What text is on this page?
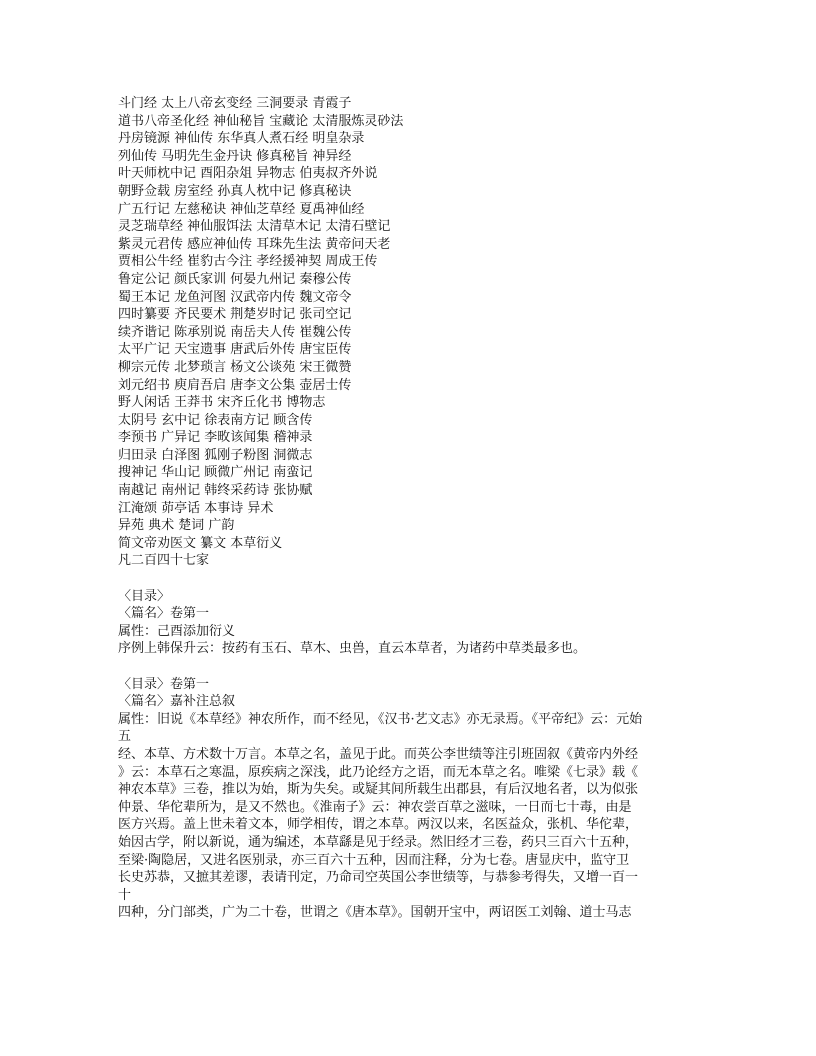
斗门经 太上八帝玄变经 三洞要录 青霞子
道书八帝圣化经 神仙秘旨 宝藏论 太清服炼灵砂法
丹房镜源 神仙传 东华真人煮石经 明皇杂录
列仙传 马明先生金丹诀 修真秘旨 神异经
叶天师枕中记 酉阳杂俎 异物志 伯夷叔齐外说
朝野佥载 房室经 孙真人枕中记 修真秘诀
广五行记 左慈秘诀 神仙芝草经 夏禹神仙经
灵芝瑞草经 神仙服饵法 太清草木记 太清石壁记
紫灵元君传 感应神仙传 耳珠先生法 黄帝问天老
贾相公牛经 崔豹古今注 孝经援神契 周成王传
鲁定公记 颜氏家训 何晏九州记 秦穆公传
蜀王本记 龙鱼河图 汉武帝内传 魏文帝令
四时纂要 齐民要术 荆楚岁时记 张司空记
续齐谐记 陈承别说 南岳夫人传 崔魏公传
太平广记 天宝遗事 唐武后外传 唐宝臣传
柳宗元传 北梦琐言 杨文公谈苑 宋王微赞
刘元绍书 庾肩吾启 唐李文公集 壶居士传
野人闲话 王莽书 宋齐丘化书 博物志
太阴号 玄中记 徐表南方记 顾含传
李预书 广异记 李畋该闻集 稽神录
归田录 白泽图 狐刚子粉图 洞微志
搜神记 华山记 顾微广州记 南蛮记
南越记 南州记 韩终采药诗 张协赋
江淹颂 茆亭话 本事诗 异术
异苑 典术 楚词 广韵
简文帝劝医文 纂文 本草衍义
凡二百四十七家
〈目录〉
〈篇名〉卷第一
属性：己酉添加衍义
序例上韩保升云：按药有玉石、草木、虫兽，直云本草者，为诸药中草类最多也。
〈目录〉卷第一
〈篇名〉嘉补注总叙
属性：旧说《本草经》神农所作，而不经见，《汉书·艺文志》亦无录焉。《平帝纪》云：元始
五
经、本草、方术数十万言。本草之名，盖见于此。而英公李世绩等注引班固叙《黄帝内外经
》云：本草石之寒温，原疾病之深浅，此乃论经方之语，而无本草之名。唯梁《七录》载《
神农本草》三卷，推以为始，斯为失矣。或疑其间所载生出郡县，有后汉地名者，以为似张
仲景、华佗辈所为，是又不然也。《淮南子》云：神农尝百草之滋味，一日而七十毒，由是
医方兴焉。盖上世未着文本，师学相传，谓之本草。两汉以来，名医益众，张机、华佗辈，
始因古学，附以新说，通为编述，本草繇是见于经录。然旧经才三卷，药只三百六十五种，
至梁·陶隐居，又进名医别录，亦三百六十五种，因而注释，分为七卷。唐显庆中，监守卫
长史苏恭，又摭其差谬，表请刊定，乃命司空英国公李世绩等，与恭参考得失，又增一百一
十
四种，分门部类，广为二十卷，世谓之《唐本草》。国朝开宝中，两诏医工刘翰、道士马志
